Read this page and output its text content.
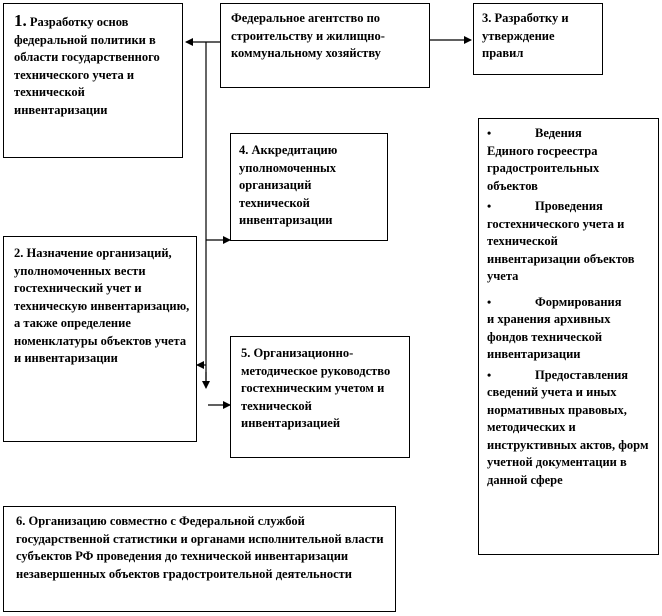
1. Разработку основ федеральной политики в области государственного технического учета и технической инвентаризации
Федеральное агентство по строительству и жилищно-коммунальному хозяйству
3. Разработку и утверждение правил
4. Аккредитацию уполномоченных организаций технической инвентаризации
2. Назначение организаций, уполномоченных вести гостехнический учет и техническую инвентаризацию, а также определение номенклатуры объектов учета и инвентаризации	5. Организационно-методическое руководство гостехническим учетом и технической инвентаризацией
•	Ведения
Единого госреестра градостроительных объектов
•	Проведения
гостехнического учета и технической инвентаризации объектов учета
•	Формирования
и хранения архивных фондов технической инвентаризации
•	Предоставления
сведений учета и иных нормативных правовых, методических и инструктивных актов, форм учетной документации в данной сфере
6. Организацию совместно с Федеральной службой государственной статистики и органами исполнительной власти субъектов РФ проведения до технической инвентаризации незавершенных объектов градостроительной деятельности
